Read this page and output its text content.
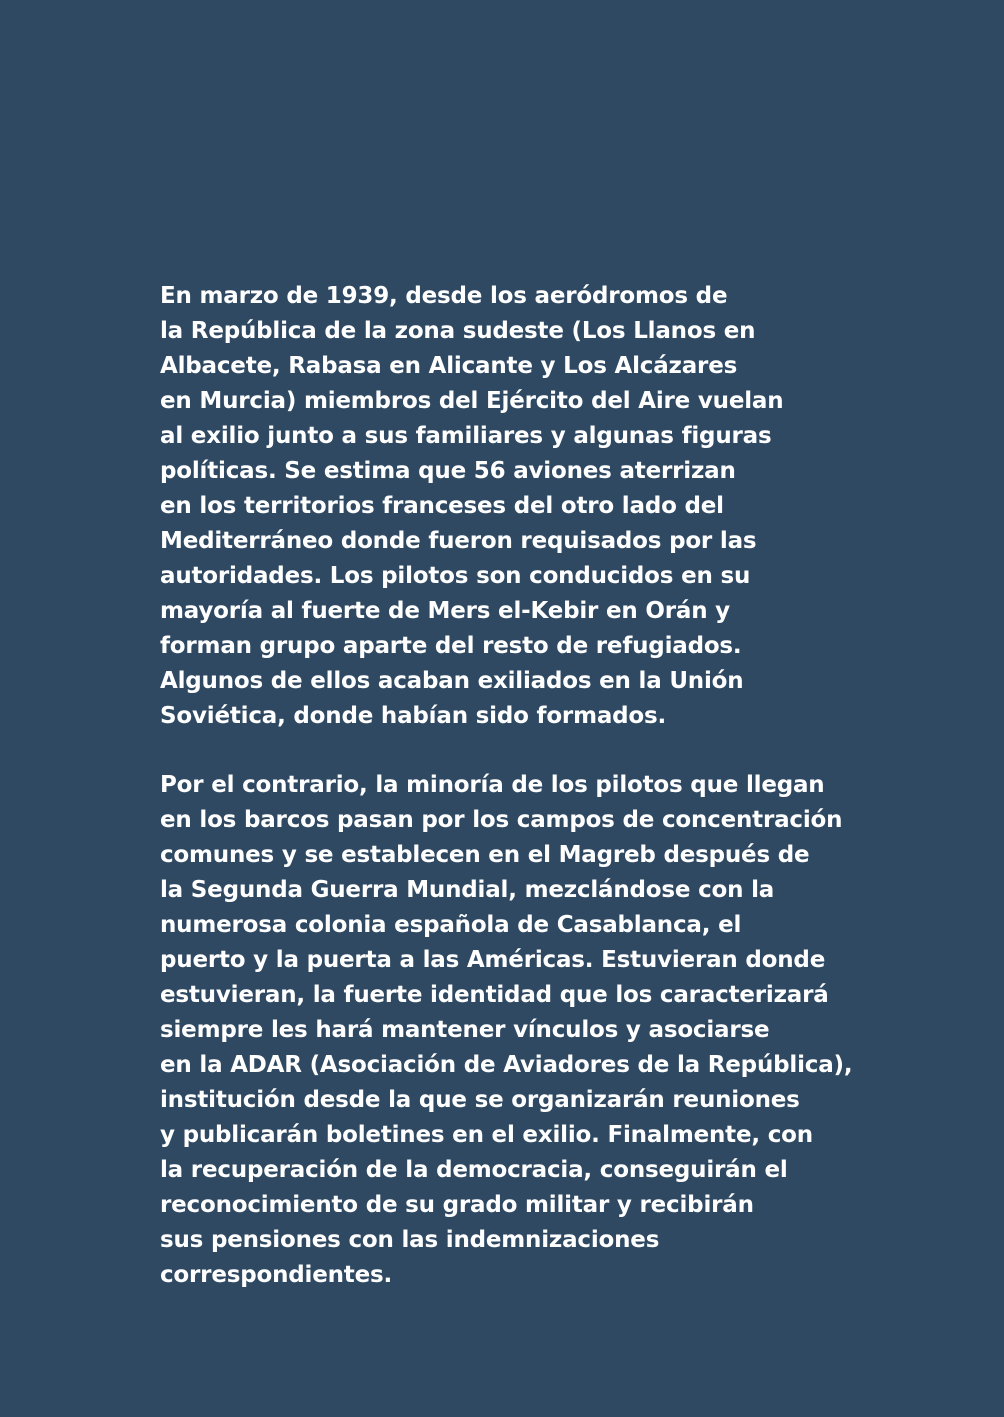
En marzo de 1939, desde los aeródromos de
la República de la zona sudeste (Los Llanos en
Albacete, Rabasa en Alicante y Los Alcázares
en Murcia) miembros del Ejército del Aire vuelan
al exilio junto a sus familiares y algunas figuras
políticas. Se estima que 56 aviones aterrizan
en los territorios franceses del otro lado del
Mediterráneo donde fueron requisados por las
autoridades. Los pilotos son conducidos en su
mayoría al fuerte de Mers el-Kebir en Orán y
forman grupo aparte del resto de refugiados.
Algunos de ellos acaban exiliados en la Unión
Soviética, donde habían sido formados.
Por el contrario, la minoría de los pilotos que llegan
en los barcos pasan por los campos de concentración
comunes y se establecen en el Magreb después de
la Segunda Guerra Mundial, mezclándose con la
numerosa colonia española de Casablanca, el
puerto y la puerta a las Américas. Estuvieran donde
estuvieran, la fuerte identidad que los caracterizará
siempre les hará mantener vínculos y asociarse
en la ADAR (Asociación de Aviadores de la República),
institución desde la que se organizarán reuniones
y publicarán boletines en el exilio. Finalmente, con
la recuperación de la democracia, conseguirán el
reconocimiento de su grado militar y recibirán
sus pensiones con las indemnizaciones
correspondientes.
